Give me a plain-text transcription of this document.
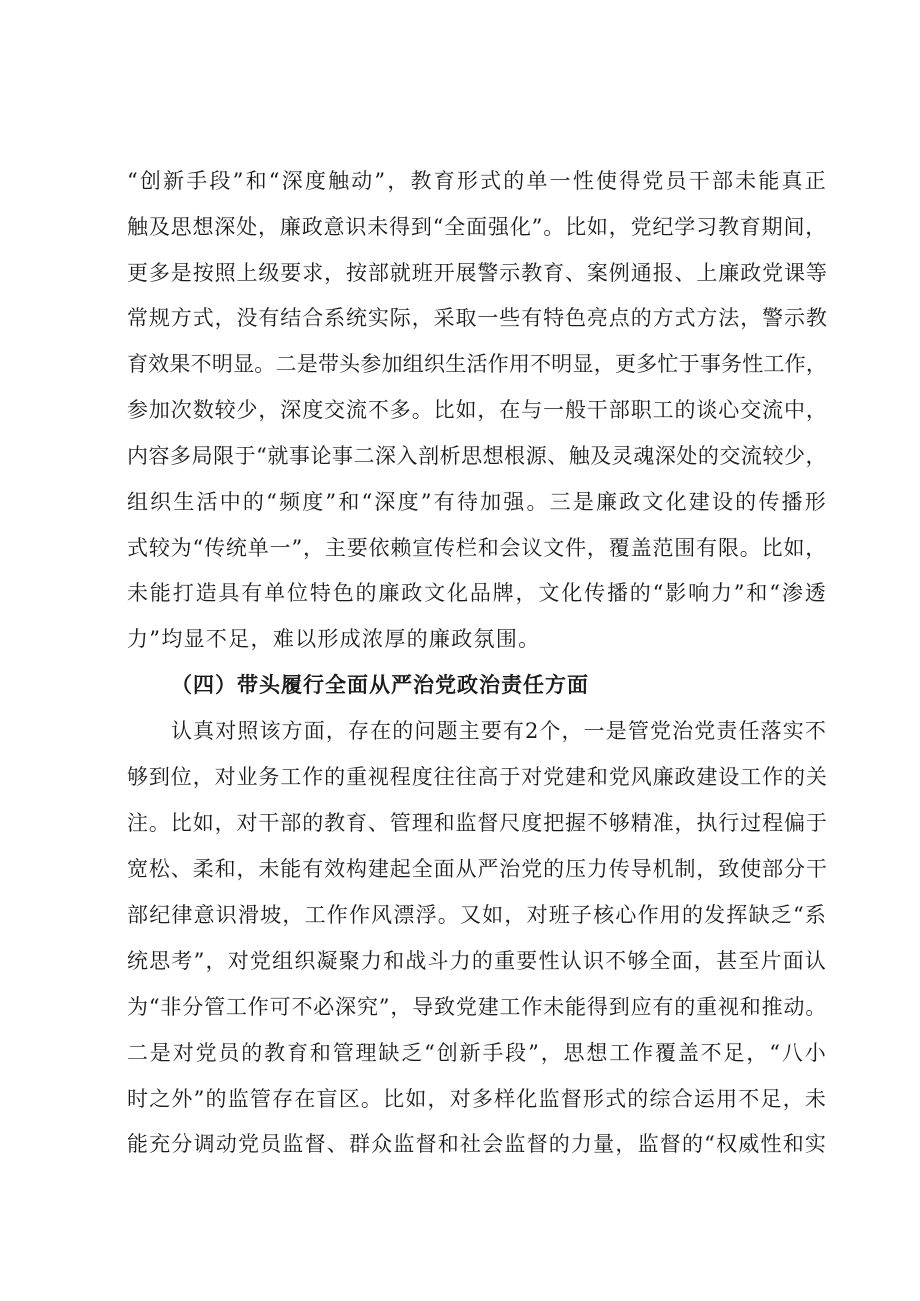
“创新手段”和“深度触动”，教育形式的单一性使得党员干部未能真正
触及思想深处，廉政意识未得到“全面强化”。比如，党纪学习教育期间，
更多是按照上级要求，按部就班开展警示教育、案例通报、上廉政党课等
常规方式，没有结合系统实际，采取一些有特色亮点的方式方法，警示教
育效果不明显。二是带头参加组织生活作用不明显，更多忙于事务性工作，
参加次数较少，深度交流不多。比如，在与一般干部职工的谈心交流中，
内容多局限于“就事论事二深入剖析思想根源、触及灵魂深处的交流较少，
组织生活中的“频度”和“深度”有待加强。三是廉政文化建设的传播形
式较为“传统单一”，主要依赖宣传栏和会议文件，覆盖范围有限。比如，
未能打造具有单位特色的廉政文化品牌，文化传播的“影响力”和“渗透
力”均显不足，难以形成浓厚的廉政氛围。
（四）带头履行全面从严治党政治责任方面
认真对照该方面，存在的问题主要有2个，一是管党治党责任落实不
够到位，对业务工作的重视程度往往高于对党建和党风廉政建设工作的关
注。比如，对干部的教育、管理和监督尺度把握不够精准，执行过程偏于
宽松、柔和，未能有效构建起全面从严治党的压力传导机制，致使部分干
部纪律意识滑坡，工作作风漂浮。又如，对班子核心作用的发挥缺乏“系
统思考”，对党组织凝聚力和战斗力的重要性认识不够全面，甚至片面认
为“非分管工作可不必深究”，导致党建工作未能得到应有的重视和推动。
二是对党员的教育和管理缺乏“创新手段”，思想工作覆盖不足，“八小
时之外”的监管存在盲区。比如，对多样化监督形式的综合运用不足，未
能充分调动党员监督、群众监督和社会监督的力量，监督的“权威性和实
